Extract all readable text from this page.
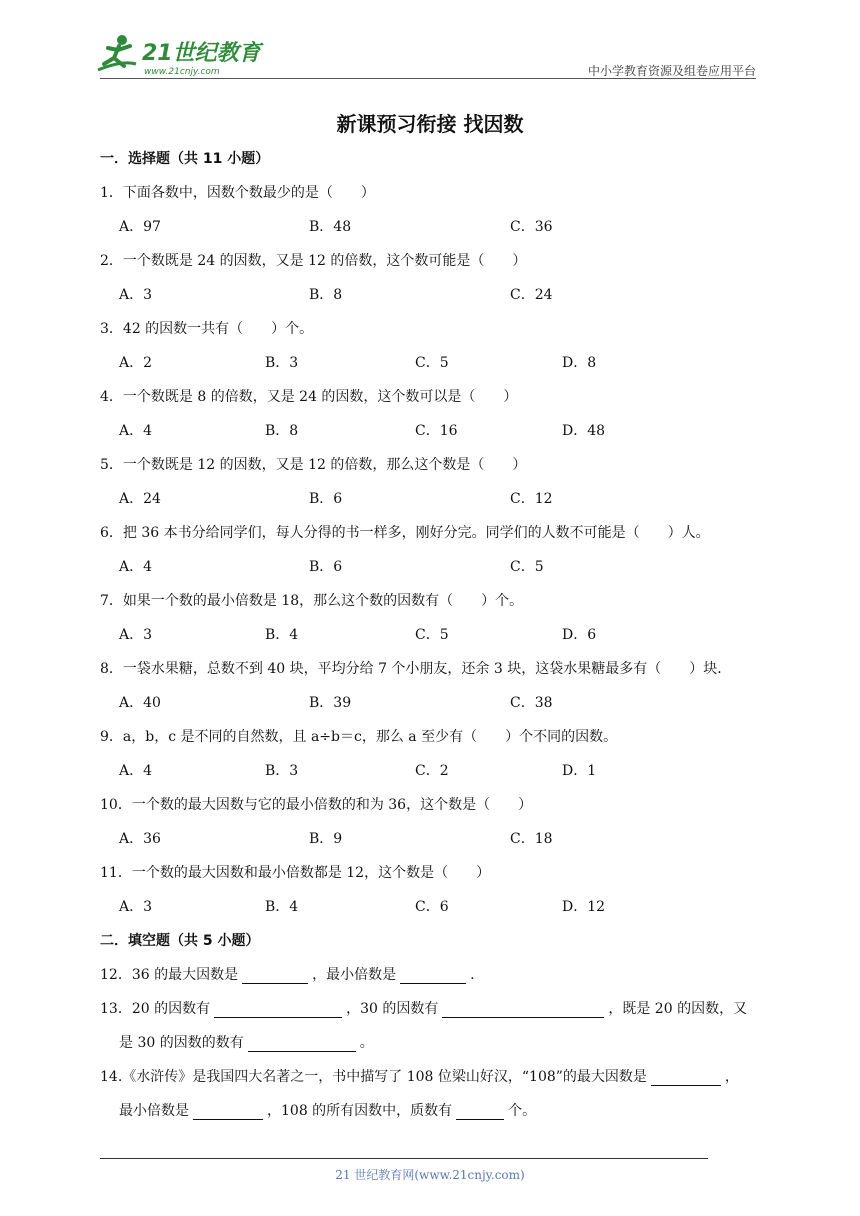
21世纪教育
www.21cnjy.com	中小学教育资源及组卷应用平台
新课预习衔接 找因数
一．选择题（共 11 小题）
1．下面各数中，因数个数最少的是（　　）
A．97	B．48	C．36
2．一个数既是 24 的因数，又是 12 的倍数，这个数可能是（　　）
A．3	B．8	C．24
3．42 的因数一共有（　　）个。
A．2	B．3	C．5	D．8
4．一个数既是 8 的倍数，又是 24 的因数，这个数可以是（　　）
A．4	B．8	C．16	D．48
5．一个数既是 12 的因数，又是 12 的倍数，那么这个数是（　　）
A．24	B．6	C．12
6．把 36 本书分给同学们，每人分得的书一样多，刚好分完。同学们的人数不可能是（　　）人。
A．4	B．6	C．5
7．如果一个数的最小倍数是 18，那么这个数的因数有（　　）个。
A．3	B．4	C．5	D．6
8．一袋水果糖，总数不到 40 块，平均分给 7 个小朋友，还余 3 块，这袋水果糖最多有（　　）块．
A．40	B．39	C．38
9．a，b，c 是不同的自然数，且 a÷b＝c，那么 a 至少有（　　）个不同的因数。
A．4	B．3	C．2	D．1
10．一个数的最大因数与它的最小倍数的和为 36，这个数是（　　）
A．36	B．9	C．18
11．一个数的最大因数和最小倍数都是 12，这个数是（　　）
A．3	B．4	C．6	D．12
二．填空题（共 5 小题）
12．36 的最大因数是	，最小倍数是	.
13．20 的因数有	，30 的因数有	，既是 20 的因数，又
是 30 的因数的数有	。
14.《水浒传》是我国四大名著之一，书中描写了 108 位梁山好汉，“108”的最大因数是	，
最小倍数是	，108 的所有因数中，质数有	个。
21 世纪教育网(www.21cnjy.com)
